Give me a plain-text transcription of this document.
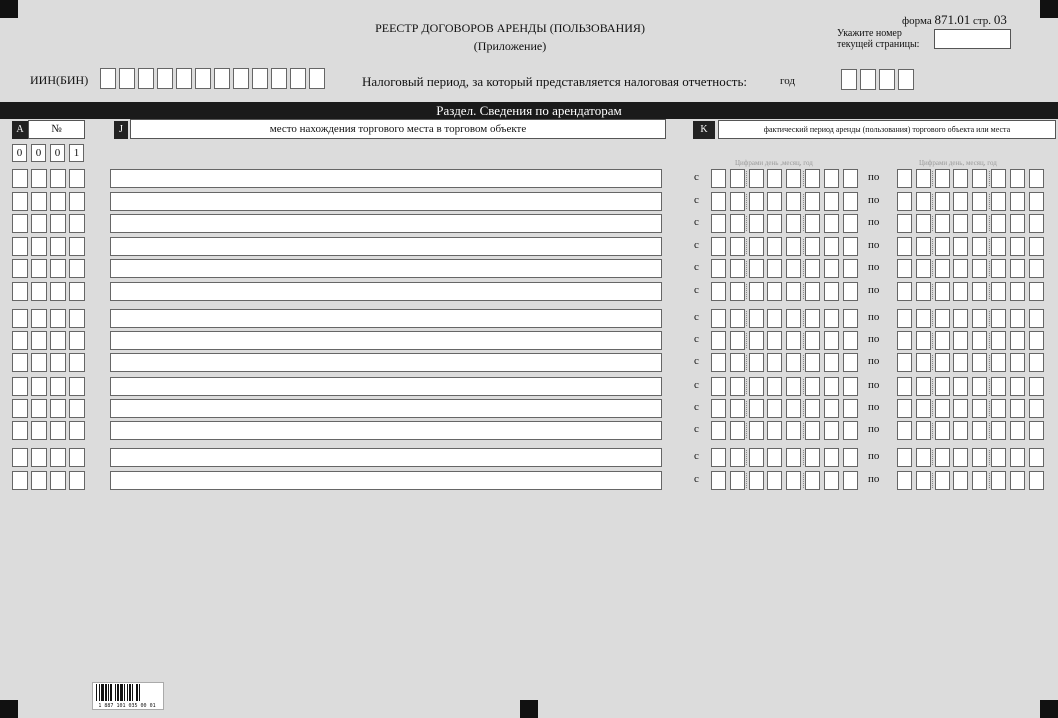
РЕЕСТР ДОГОВОРОВ АРЕНДЫ (ПОЛЬЗОВАНИЯ)
(Приложение)
форма 871.01 стр. 03
Укажите номер
текущей страницы:
ИИН(БИН)	Налоговый период, за который представляется налоговая отчетность:	год
Раздел. Сведения по арендаторам
A	№	J	место нахождения торгового места в торговом объекте	K	фактический период аренды (пользования) торгового объекта или места
0	0	0	1
Цифрами день ,месяц, год	Цифрами день, месяц, год
с	по
с	по
с	по
с	по
с	по
с	по
с	по
с	по
с	по
с	по
с	по
с	по
с	по
с	по
1 887 101 035 00 01
